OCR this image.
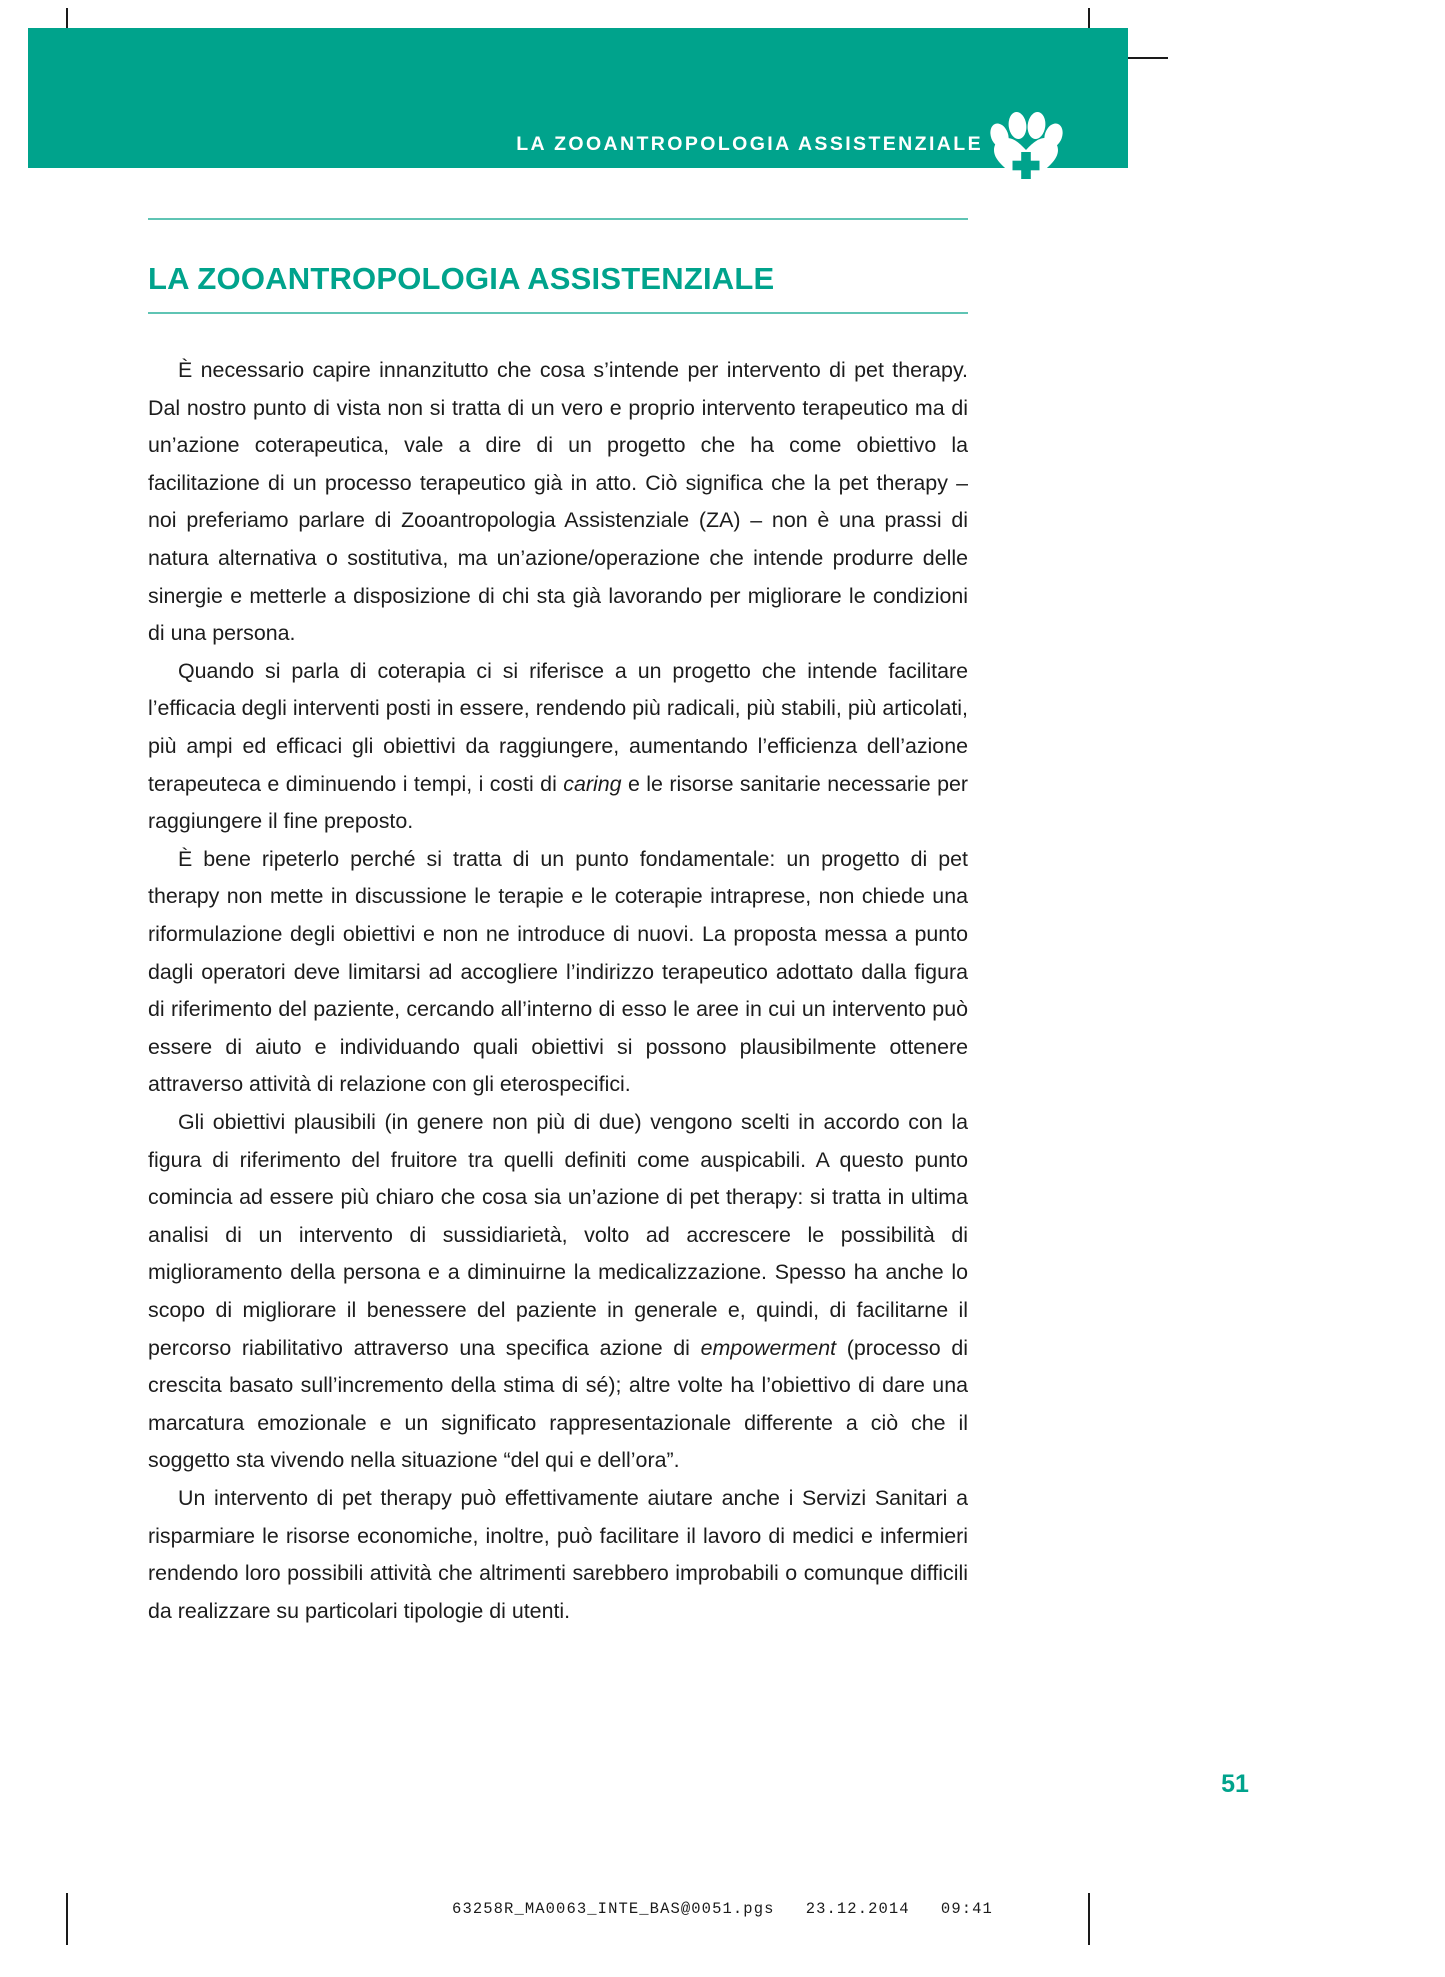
LA ZOOANTROPOLOGIA ASSISTENZIALE
LA ZOOANTROPOLOGIA ASSISTENZIALE

È necessario capire innanzitutto che cosa s’intende per intervento di pet therapy. Dal nostro punto di vista non si tratta di un vero e proprio intervento terapeutico ma di un’azione coterapeutica, vale a dire di un progetto che ha come obiettivo la facilitazione di un processo terapeutico già in atto. Ciò significa che la pet therapy – noi preferiamo parlare di Zooantropologia Assistenziale (ZA) – non è una prassi di natura alternativa o sostitutiva, ma un’azione/operazione che intende produrre delle sinergie e metterle a disposizione di chi sta già lavorando per migliorare le condizioni di una persona.

Quando si parla di coterapia ci si riferisce a un progetto che intende facilitare l’efficacia degli interventi posti in essere, rendendo più radicali, più stabili, più articolati, più ampi ed efficaci gli obiettivi da raggiungere, aumentando l’efficienza dell’azione terapeuteca e diminuendo i tempi, i costi di caring e le risorse sanitarie necessarie per raggiungere il fine preposto.

È bene ripeterlo perché si tratta di un punto fondamentale: un progetto di pet therapy non mette in discussione le terapie e le coterapie intraprese, non chiede una riformulazione degli obiettivi e non ne introduce di nuovi. La proposta messa a punto dagli operatori deve limitarsi ad accogliere l’indirizzo terapeutico adottato dalla figura di riferimento del paziente, cercando all’interno di esso le aree in cui un intervento può essere di aiuto e individuando quali obiettivi si possono plausibilmente ottenere attraverso attività di relazione con gli eterospecifici.

Gli obiettivi plausibili (in genere non più di due) vengono scelti in accordo con la figura di riferimento del fruitore tra quelli definiti come auspicabili. A questo punto comincia ad essere più chiaro che cosa sia un’azione di pet therapy: si tratta in ultima analisi di un intervento di sussidiarietà, volto ad accrescere le possibilità di miglioramento della persona e a diminuirne la medicalizzazione. Spesso ha anche lo scopo di migliorare il benessere del paziente in generale e, quindi, di facilitarne il percorso riabilitativo attraverso una specifica azione di empowerment (processo di crescita basato sull’incremento della stima di sé); altre volte ha l’obiettivo di dare una marcatura emozionale e un significato rappresentazionale differente a ciò che il soggetto sta vivendo nella situazione “del qui e dell’ora”.

Un intervento di pet therapy può effettivamente aiutare anche i Servizi Sanitari a risparmiare le risorse economiche, inoltre, può facilitare il lavoro di medici e infermieri rendendo loro possibili attività che altrimenti sarebbero improbabili o comunque difficili da realizzare su particolari tipologie di utenti.

51
63258R_MA0063_INTE_BAS@0051.pgs   23.12.2014   09:41
